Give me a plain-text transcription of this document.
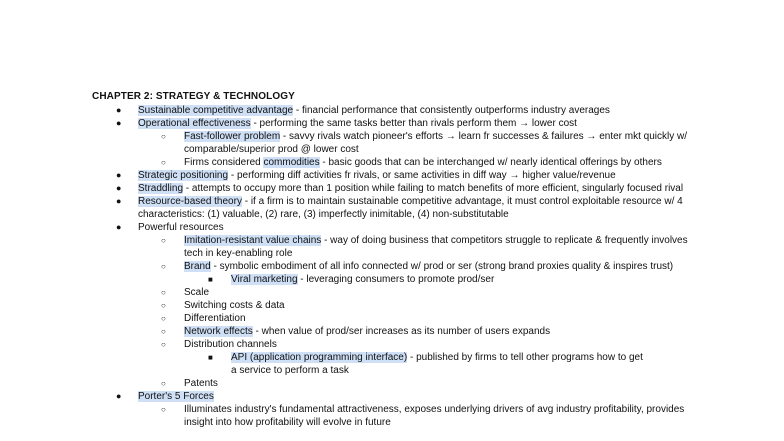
CHAPTER 2: STRATEGY & TECHNOLOGY
● Sustainable competitive advantage - financial performance that consistently outperforms industry averages
● Operational effectiveness - performing the same tasks better than rivals perform them → lower cost
○ Fast-follower problem - savvy rivals watch pioneer's efforts → learn fr successes & failures → enter mkt quickly w/ comparable/superior prod @ lower cost
○ Firms considered commodities - basic goods that can be interchanged w/ nearly identical offerings by others
● Strategic positioning - performing diff activities fr rivals, or same activities in diff way → higher value/revenue
● Straddling - attempts to occupy more than 1 position while failing to match benefits of more efficient, singularly focused rival
● Resource-based theory - if a firm is to maintain sustainable competitive advantage, it must control exploitable resource w/ 4 characteristics: (1) valuable, (2) rare, (3) imperfectly inimitable, (4) non-substitutable
● Powerful resources
○ Imitation-resistant value chains - way of doing business that competitors struggle to replicate & frequently involves tech in key-enabling role
○ Brand - symbolic embodiment of all info connected w/ prod or ser (strong brand proxies quality & inspires trust)
■ Viral marketing - leveraging consumers to promote prod/ser
○ Scale
○ Switching costs & data
○ Differentiation
○ Network effects - when value of prod/ser increases as its number of users expands
○ Distribution channels
■ API (application programming interface) - published by firms to tell other programs how to get a service to perform a task
○ Patents
● Porter's 5 Forces
○ Illuminates industry's fundamental attractiveness, exposes underlying drivers of avg industry profitability, provides insight into how profitability will evolve in future
